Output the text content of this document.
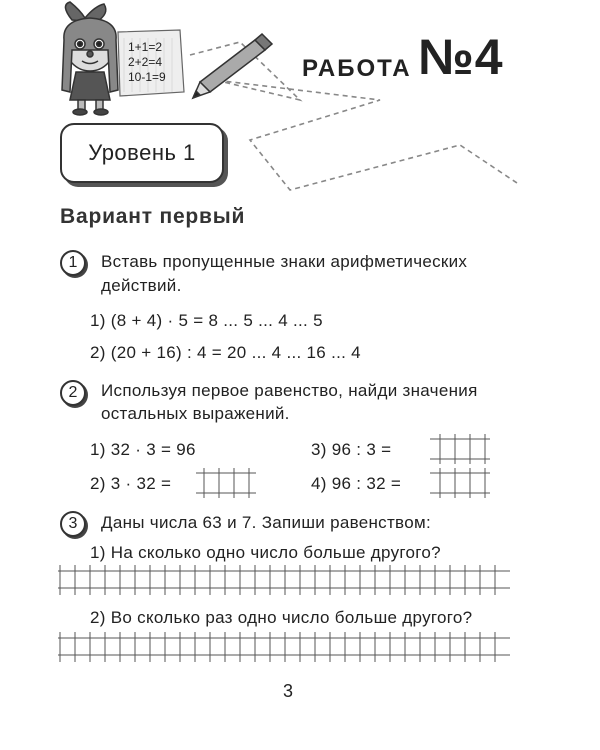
1+1=2
2+2=4
10-1=9	РАБОТА №4
Уровень 1
Вариант первый
1	Вставь пропущенные знаки арифметических
действий.
1) (8 + 4) · 5 = 8 ... 5 ... 4 ... 5
2) (20 + 16) : 4 = 20 ... 4 ... 16 ... 4
2	Используя первое равенство, найди значения
остальных выражений.
1) 32 · 3 = 96	3) 96 : 3 =
2) 3 · 32 =	4) 96 : 32 =
3	Даны числа 63 и 7. Запиши равенством:
1) На сколько одно число больше другого?
2) Во сколько раз одно число больше другого?
3
